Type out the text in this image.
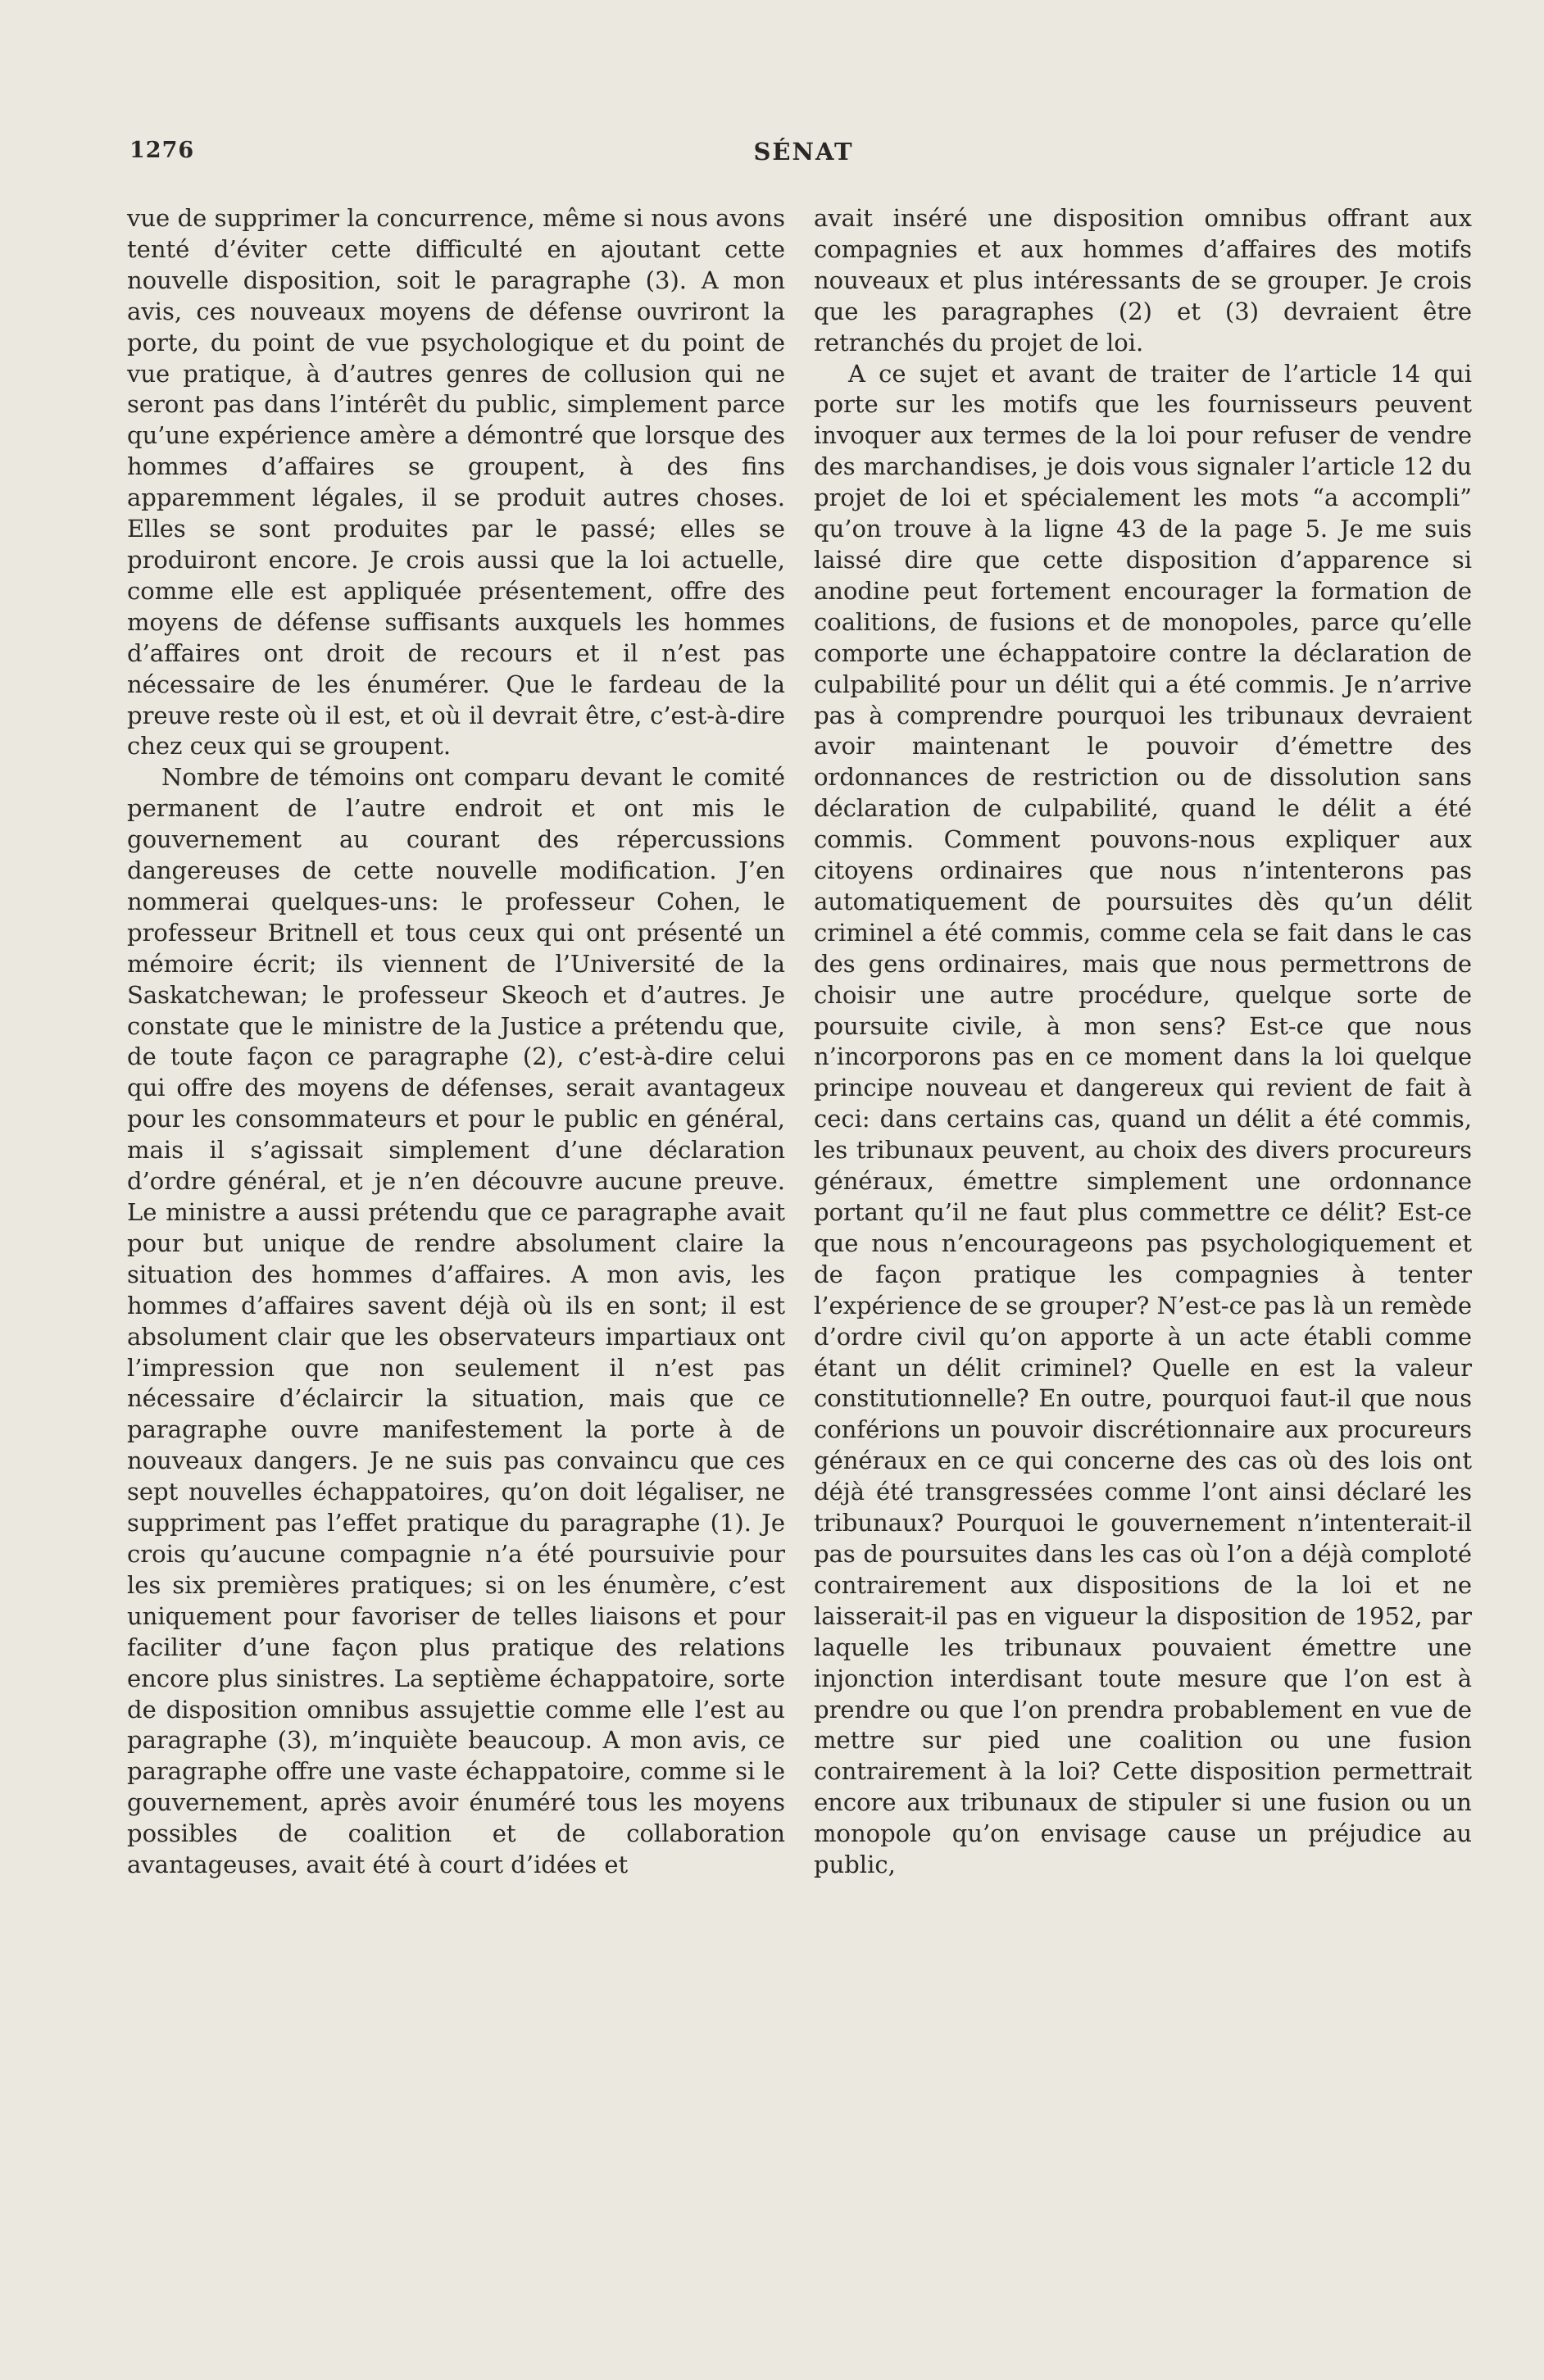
1276	SÉNAT

vue de supprimer la concurrence, même si nous avons tenté d’éviter cette difficulté en ajoutant cette nouvelle disposition, soit le paragraphe (3). A mon avis, ces nouveaux moyens de défense ouvriront la porte, du point de vue psychologique et du point de vue pratique, à d’autres genres de collusion qui ne seront pas dans l’intérêt du public, simplement parce qu’une expérience amère a démontré que lorsque des hommes d’affaires se groupent, à des fins apparemment légales, il se produit autres choses. Elles se sont produites par le passé; elles se produiront encore. Je crois aussi que la loi actuelle, comme elle est appliquée présentement, offre des moyens de défense suffisants auxquels les hommes d’affaires ont droit de recours et il n’est pas nécessaire de les énumérer. Que le fardeau de la preuve reste où il est, et où il devrait être, c’est-à-dire chez ceux qui se groupent.

Nombre de témoins ont comparu devant le comité permanent de l’autre endroit et ont mis le gouvernement au courant des répercussions dangereuses de cette nouvelle modification. J’en nommerai quelques-uns: le professeur Cohen, le professeur Britnell et tous ceux qui ont présenté un mémoire écrit; ils viennent de l’Université de la Saskatchewan; le professeur Skeoch et d’autres. Je constate que le ministre de la Justice a prétendu que, de toute façon ce paragraphe (2), c’est-à-dire celui qui offre des moyens de défenses, serait avantageux pour les consommateurs et pour le public en général, mais il s’agissait simplement d’une déclaration d’ordre général, et je n’en découvre aucune preuve. Le ministre a aussi prétendu que ce paragraphe avait pour but unique de rendre absolument claire la situation des hommes d’affaires. A mon avis, les hommes d’affaires savent déjà où ils en sont; il est absolument clair que les observateurs impartiaux ont l’impression que non seulement il n’est pas nécessaire d’éclaircir la situation, mais que ce paragraphe ouvre manifestement la porte à de nouveaux dangers. Je ne suis pas convaincu que ces sept nouvelles échappatoires, qu’on doit légaliser, ne suppriment pas l’effet pratique du paragraphe (1). Je crois qu’aucune compagnie n’a été poursuivie pour les six premières pratiques; si on les énumère, c’est uniquement pour favoriser de telles liaisons et pour faciliter d’une façon plus pratique des relations encore plus sinistres. La septième échappatoire, sorte de disposition omnibus assujettie comme elle l’est au paragraphe (3), m’inquiète beaucoup. A mon avis, ce paragraphe offre une vaste échappatoire, comme si le gouvernement, après avoir énuméré tous les moyens possibles de coalition et de collaboration avantageuses, avait été à court d’idées et

avait inséré une disposition omnibus offrant aux compagnies et aux hommes d’affaires des motifs nouveaux et plus intéressants de se grouper. Je crois que les paragraphes (2) et (3) devraient être retranchés du projet de loi.

A ce sujet et avant de traiter de l’article 14 qui porte sur les motifs que les fournisseurs peuvent invoquer aux termes de la loi pour refuser de vendre des marchandises, je dois vous signaler l’article 12 du projet de loi et spécialement les mots “a accompli” qu’on trouve à la ligne 43 de la page 5. Je me suis laissé dire que cette disposition d’apparence si anodine peut fortement encourager la formation de coalitions, de fusions et de monopoles, parce qu’elle comporte une échappatoire contre la déclaration de culpabilité pour un délit qui a été commis. Je n’arrive pas à comprendre pourquoi les tribunaux devraient avoir maintenant le pouvoir d’émettre des ordonnances de restriction ou de dissolution sans déclaration de culpabilité, quand le délit a été commis. Comment pouvons-nous expliquer aux citoyens ordinaires que nous n’intenterons pas automatiquement de poursuites dès qu’un délit criminel a été commis, comme cela se fait dans le cas des gens ordinaires, mais que nous permettrons de choisir une autre procédure, quelque sorte de poursuite civile, à mon sens? Est-ce que nous n’incorporons pas en ce moment dans la loi quelque principe nouveau et dangereux qui revient de fait à ceci: dans certains cas, quand un délit a été commis, les tribunaux peuvent, au choix des divers procureurs généraux, émettre simplement une ordonnance portant qu’il ne faut plus commettre ce délit? Est-ce que nous n’encourageons pas psychologiquement et de façon pratique les compagnies à tenter l’expérience de se grouper? N’est-ce pas là un remède d’ordre civil qu’on apporte à un acte établi comme étant un délit criminel? Quelle en est la valeur constitutionnelle? En outre, pourquoi faut-il que nous conférions un pouvoir discrétionnaire aux procureurs généraux en ce qui concerne des cas où des lois ont déjà été transgressées comme l’ont ainsi déclaré les tribunaux? Pourquoi le gouvernement n’intenterait-il pas de poursuites dans les cas où l’on a déjà comploté contrairement aux dispositions de la loi et ne laisserait-il pas en vigueur la disposition de 1952, par laquelle les tribunaux pouvaient émettre une injonction interdisant toute mesure que l’on est à prendre ou que l’on prendra probablement en vue de mettre sur pied une coalition ou une fusion contrairement à la loi? Cette disposition permettrait encore aux tribunaux de stipuler si une fusion ou un monopole qu’on envisage cause un préjudice au public,
